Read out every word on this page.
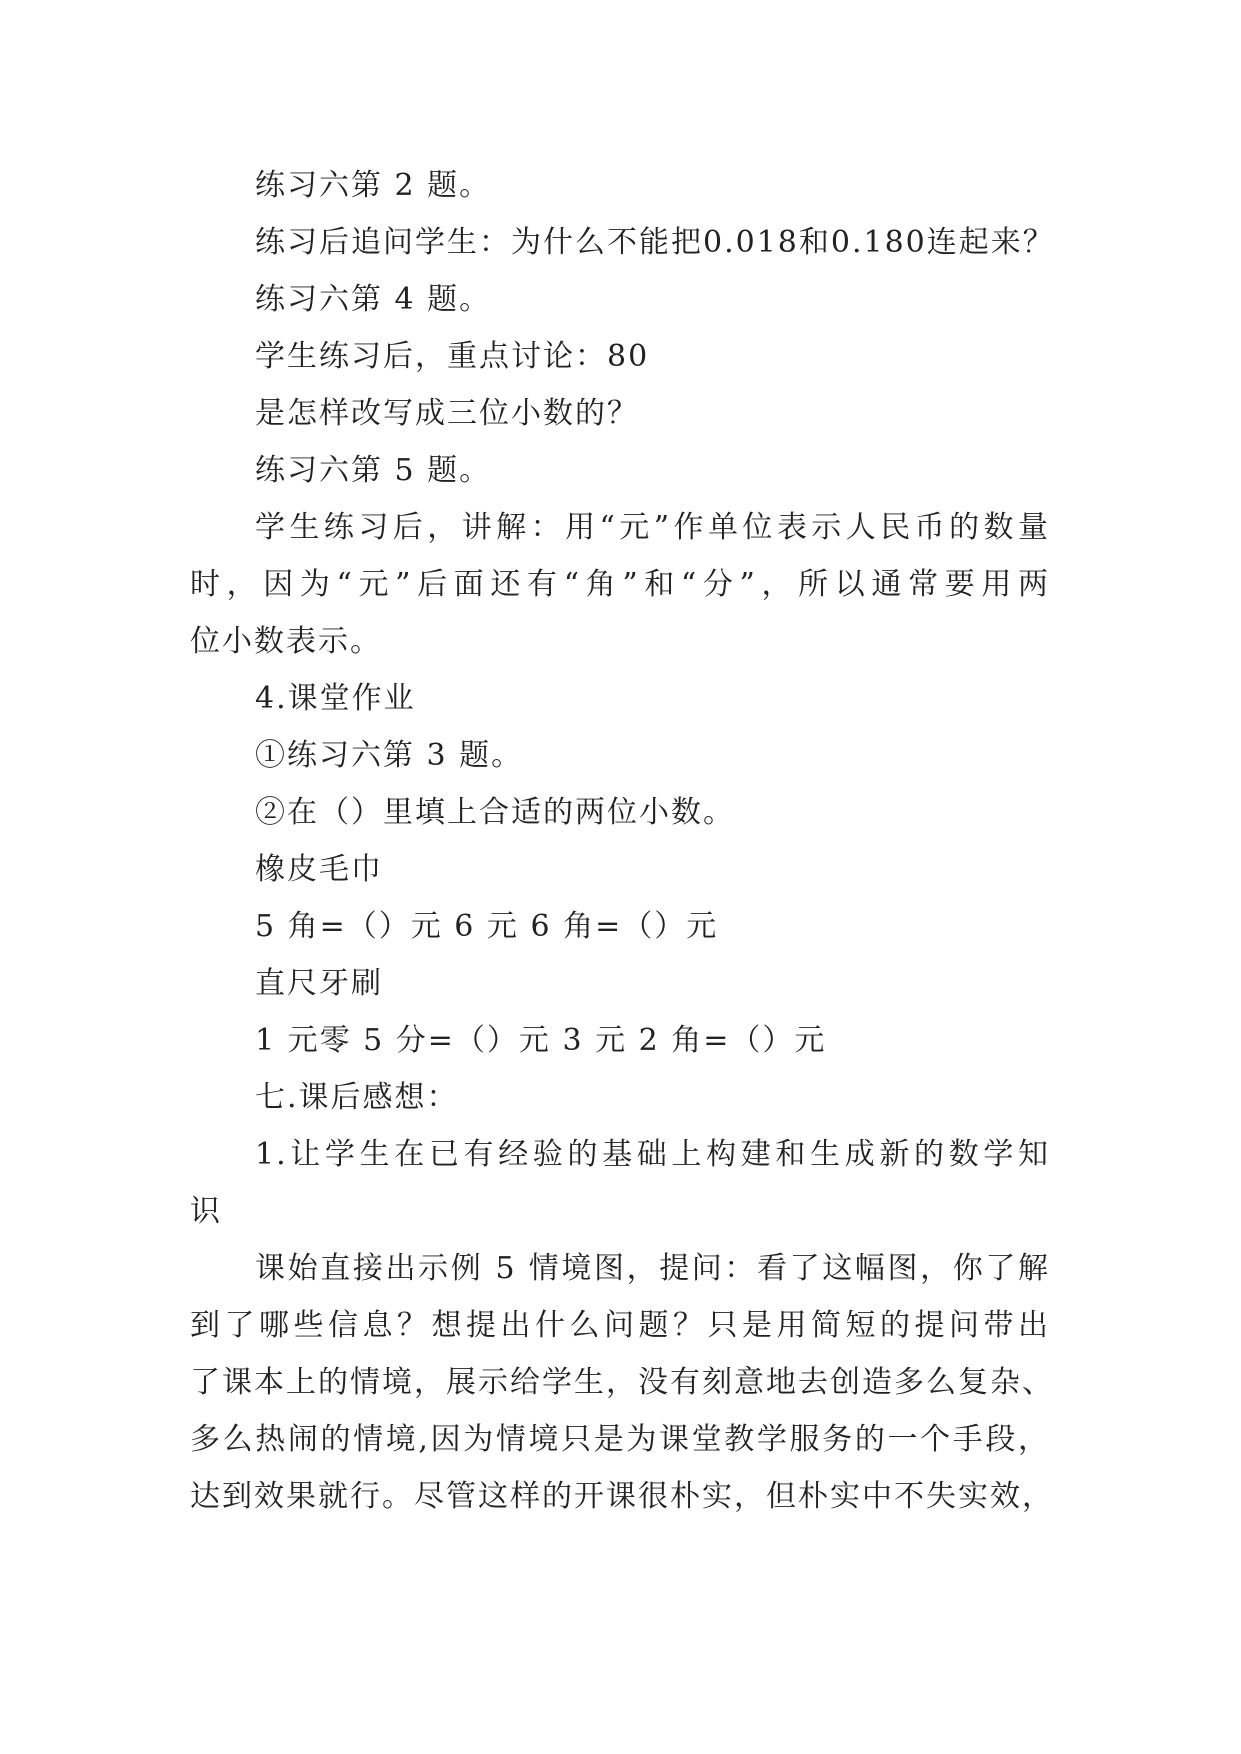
练习六第 2 题。
练习后追问学生：为什么不能把0.018和0.180连起来？
练习六第 4 题。
学生练习后，重点讨论：80
是怎样改写成三位小数的？
练习六第 5 题。
学生练习后，讲解：用“元”作单位表示人民币的数量
时，因为“元”后面还有“角”和“分”，所以通常要用两
位小数表示。
4.课堂作业
①练习六第 3 题。
②在（）里填上合适的两位小数。
橡皮毛巾
5 角=（）元 6 元 6 角=（）元
直尺牙刷
1 元零 5 分=（）元 3 元 2 角=（）元
七.课后感想：
1.让学生在已有经验的基础上构建和生成新的数学知
识
课始直接出示例 5 情境图，提问：看了这幅图，你了解
到了哪些信息？想提出什么问题？只是用简短的提问带出
了课本上的情境，展示给学生，没有刻意地去创造多么复杂、
多么热闹的情境,因为情境只是为课堂教学服务的一个手段，
达到效果就行。尽管这样的开课很朴实，但朴实中不失实效，
